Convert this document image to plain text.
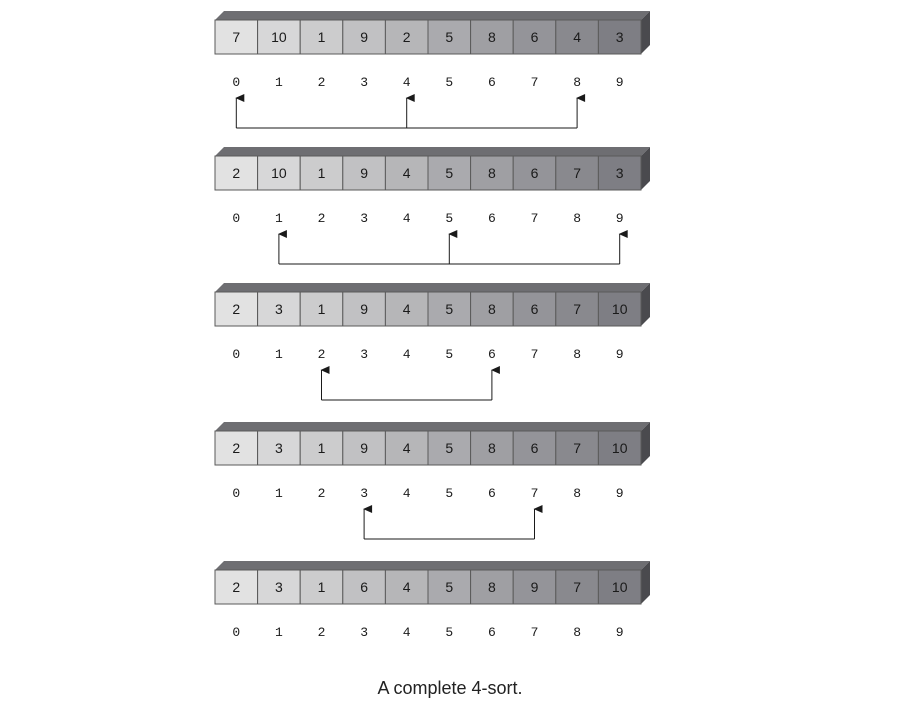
7 10 1 9 2 5 8 6 4 3
0	1	2	3	4	5	6	7	8	9
2 10 1 9 4 5 8 6 7 3
0	1	2	3	4	5	6	7	8	9
2 3 1 9 4 5 8 6 7 10
0	1	2	3	4	5	6	7	8	9
2 3 1 9 4 5 8 6 7 10
0	1	2	3	4	5	6	7	8	9
2 3 1 6 4 5 8 9 7 10
0	1	2	3	4	5	6	7	8	9
A complete 4-sort.
